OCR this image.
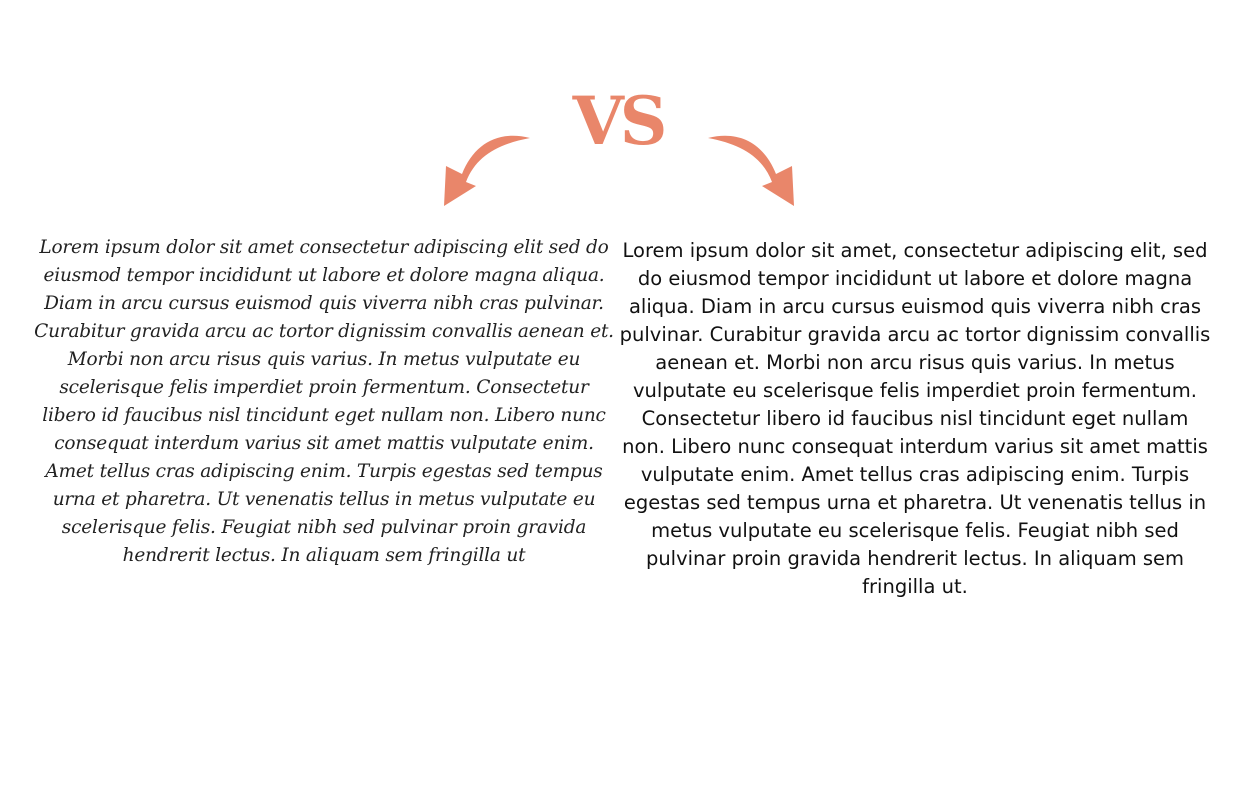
VS
Lorem ipsum dolor sit amet consectetur adipiscing elit sed do eiusmod tempor incididunt ut labore et dolore magna aliqua. Diam in arcu cursus euismod quis viverra nibh cras pulvinar. Curabitur gravida arcu ac tortor dignissim convallis aenean et. Morbi non arcu risus quis varius. In metus vulputate eu scelerisque felis imperdiet proin fermentum. Consectetur libero id faucibus nisl tincidunt eget nullam non. Libero nunc consequat interdum varius sit amet mattis vulputate enim. Amet tellus cras adipiscing enim. Turpis egestas sed tempus urna et pharetra. Ut venenatis tellus in metus vulputate eu scelerisque felis. Feugiat nibh sed pulvinar proin gravida hendrerit lectus. In aliquam sem fringilla ut
Lorem ipsum dolor sit amet, consectetur adipiscing elit, sed do eiusmod tempor incididunt ut labore et dolore magna aliqua. Diam in arcu cursus euismod quis viverra nibh cras pulvinar. Curabitur gravida arcu ac tortor dignissim convallis aenean et. Morbi non arcu risus quis varius. In metus vulputate eu scelerisque felis imperdiet proin fermentum. Consectetur libero id faucibus nisl tincidunt eget nullam non. Libero nunc consequat interdum varius sit amet mattis vulputate enim. Amet tellus cras adipiscing enim. Turpis egestas sed tempus urna et pharetra. Ut venenatis tellus in metus vulputate eu scelerisque felis. Feugiat nibh sed pulvinar proin gravida hendrerit lectus. In aliquam sem fringilla ut.
